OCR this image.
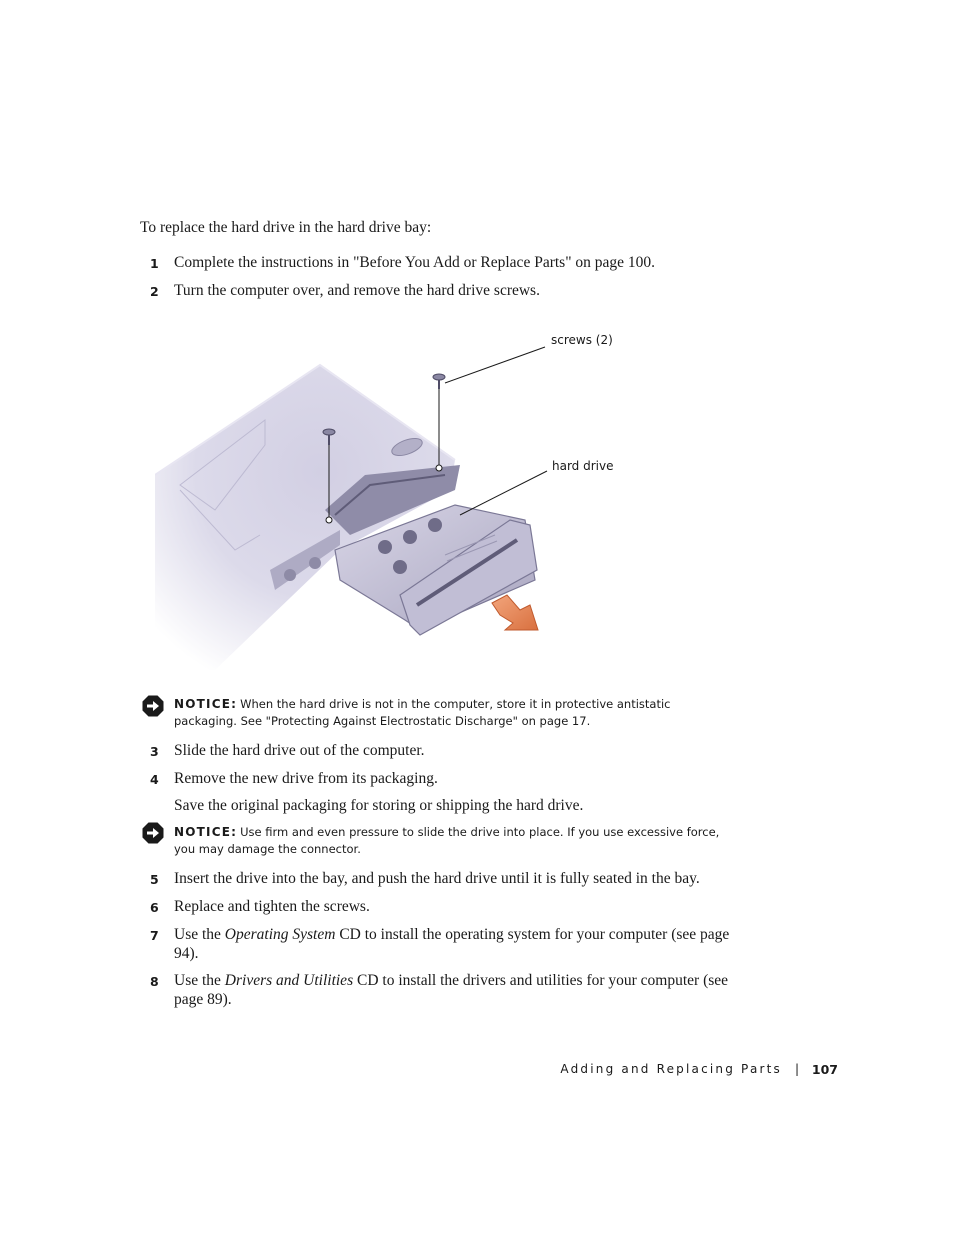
To replace the hard drive in the hard drive bay:
1 Complete the instructions in "Before You Add or Replace Parts" on page 100.
2 Turn the computer over, and remove the hard drive screws.
screws (2)
hard drive
NOTICE: When the hard drive is not in the computer, store it in protective antistatic packaging. See "Protecting Against Electrostatic Discharge" on page 17.
3 Slide the hard drive out of the computer.
4 Remove the new drive from its packaging.
Save the original packaging for storing or shipping the hard drive.
NOTICE: Use firm and even pressure to slide the drive into place. If you use excessive force, you may damage the connector.
5 Insert the drive into the bay, and push the hard drive until it is fully seated in the bay.
6 Replace and tighten the screws.
7 Use the Operating System CD to install the operating system for your computer (see page 94).
8 Use the Drivers and Utilities CD to install the drivers and utilities for your computer (see page 89).
Adding and Replacing Parts | 107
